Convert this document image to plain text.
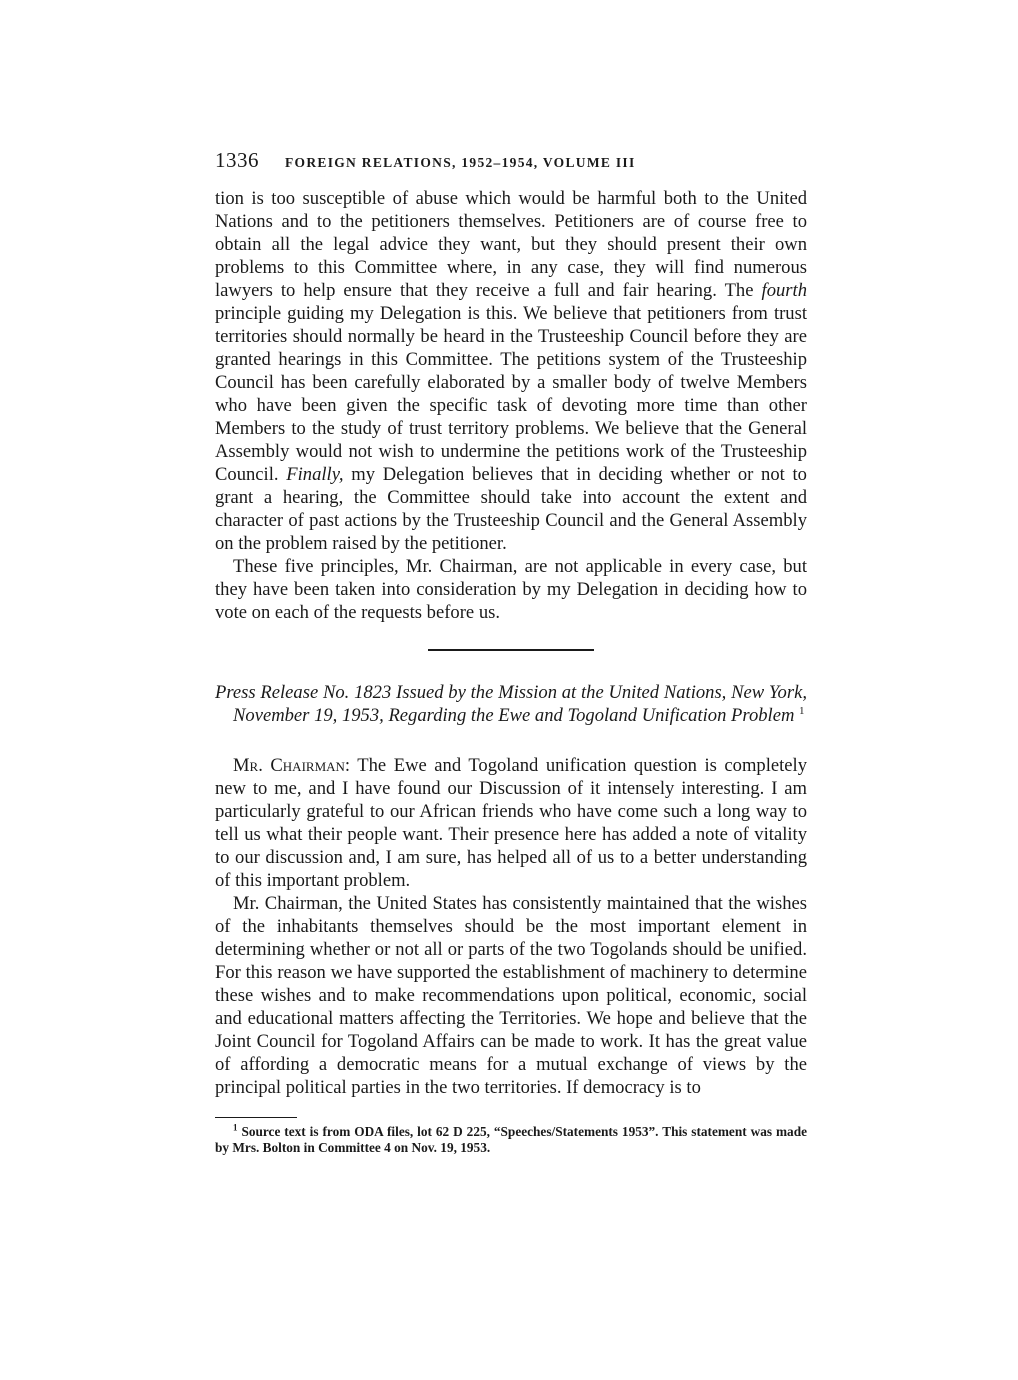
1336 FOREIGN RELATIONS, 1952–1954, VOLUME III

tion is too susceptible of abuse which would be harmful both to the United Nations and to the petitioners themselves. Petitioners are of course free to obtain all the legal advice they want, but they should present their own problems to this Committee where, in any case, they will find numerous lawyers to help ensure that they receive a full and fair hearing. The fourth principle guiding my Delegation is this. We believe that petitioners from trust territories should normally be heard in the Trusteeship Council before they are granted hearings in this Committee. The petitions system of the Trusteeship Council has been carefully elaborated by a smaller body of twelve Members who have been given the specific task of devoting more time than other Members to the study of trust territory problems. We believe that the General Assembly would not wish to undermine the petitions work of the Trusteeship Council. Finally, my Delegation believes that in deciding whether or not to grant a hearing, the Committee should take into account the extent and character of past actions by the Trusteeship Council and the General Assembly on the problem raised by the petitioner.

These five principles, Mr. Chairman, are not applicable in every case, but they have been taken into consideration by my Delegation in deciding how to vote on each of the requests before us.

Press Release No. 1823 Issued by the Mission at the United Nations, New York, November 19, 1953, Regarding the Ewe and Togoland Unification Problem $^1$

Mr. Chairman: The Ewe and Togoland unification question is completely new to me, and I have found our Discussion of it intensely interesting. I am particularly grateful to our African friends who have come such a long way to tell us what their people want. Their presence here has added a note of vitality to our discussion and, I am sure, has helped all of us to a better understanding of this important problem.

Mr. Chairman, the United States has consistently maintained that the wishes of the inhabitants themselves should be the most important element in determining whether or not all or parts of the two Togolands should be unified. For this reason we have supported the establishment of machinery to determine these wishes and to make recommendations upon political, economic, social and educational matters affecting the Territories. We hope and believe that the Joint Council for Togoland Affairs can be made to work. It has the great value of affording a democratic means for a mutual exchange of views by the principal political parties in the two territories. If democracy is to

$^1$ Source text is from ODA files, lot 62 D 225, “Speeches/Statements 1953”. This statement was made by Mrs. Bolton in Committee 4 on Nov. 19, 1953.
